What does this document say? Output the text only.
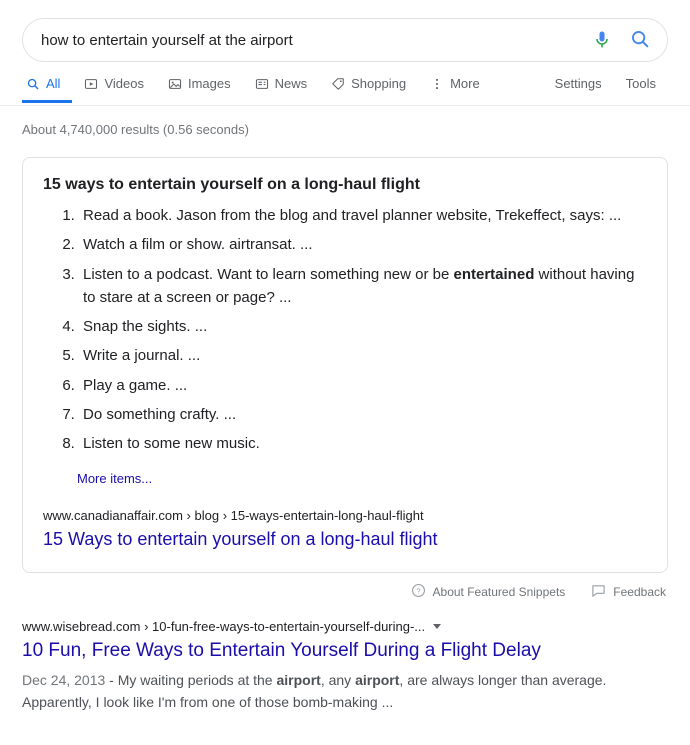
how to entertain yourself at the airport
All	Videos	Images	News	Shopping	More	Settings	Tools
About 4,740,000 results (0.56 seconds)
15 ways to entertain yourself on a long-haul flight
1. Read a book. Jason from the blog and travel planner website, Trekeffect, says: ...
2. Watch a film or show. airtransat. ...
3. Listen to a podcast. Want to learn something new or be entertained without having to stare at a screen or page? ...
4. Snap the sights. ...
5. Write a journal. ...
6. Play a game. ...
7. Do something crafty. ...
8. Listen to some new music.
More items...
www.canadianaffair.com › blog › 15-ways-entertain-long-haul-flight
15 Ways to entertain yourself on a long-haul flight
? About Featured Snippets	Feedback
www.wisebread.com › 10-fun-free-ways-to-entertain-yourself-during-...
10 Fun, Free Ways to Entertain Yourself During a Flight Delay
Dec 24, 2013 - My waiting periods at the airport, any airport, are always longer than average. Apparently, I look like I'm from one of those bomb-making ...
